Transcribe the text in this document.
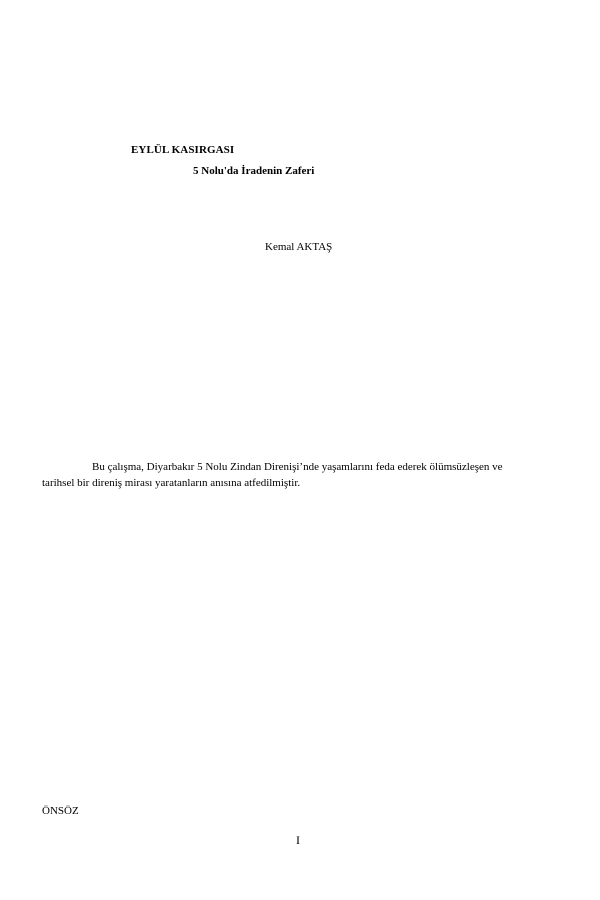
EYLÜL KASIRGASI
5 Nolu'da İradenin Zaferi
Kemal AKTAŞ
Bu çalışma, Diyarbakır 5 Nolu Zindan Direnişi’nde yaşamlarını feda ederek ölümsüzleşen ve
tarihsel bir direniş mirası yaratanların anısına atfedilmiştir.
ÖNSÖZ
I
